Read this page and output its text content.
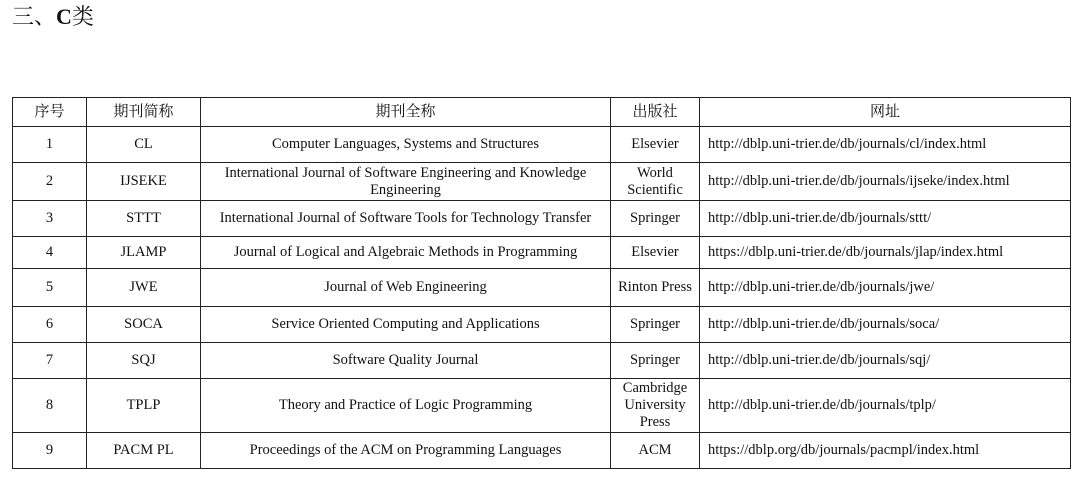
三、C类
序号	期刊简称	期刊全称	出版社	网址
1	CL	Computer Languages, Systems and Structures	Elsevier	http://dblp.uni-trier.de/db/journals/cl/index.html
2	IJSEKE	International Journal of Software Engineering and Knowledge Engineering	World Scientific	http://dblp.uni-trier.de/db/journals/ijseke/index.html
3	STTT	International Journal of Software Tools for Technology Transfer	Springer	http://dblp.uni-trier.de/db/journals/sttt/
4	JLAMP	Journal of Logical and Algebraic Methods in Programming	Elsevier	https://dblp.uni-trier.de/db/journals/jlap/index.html
5	JWE	Journal of Web Engineering	Rinton Press	http://dblp.uni-trier.de/db/journals/jwe/
6	SOCA	Service Oriented Computing and Applications	Springer	http://dblp.uni-trier.de/db/journals/soca/
7	SQJ	Software Quality Journal	Springer	http://dblp.uni-trier.de/db/journals/sqj/
8	TPLP	Theory and Practice of Logic Programming	Cambridge University Press	http://dblp.uni-trier.de/db/journals/tplp/
9	PACM PL	Proceedings of the ACM on Programming Languages	ACM	https://dblp.org/db/journals/pacmpl/index.html
